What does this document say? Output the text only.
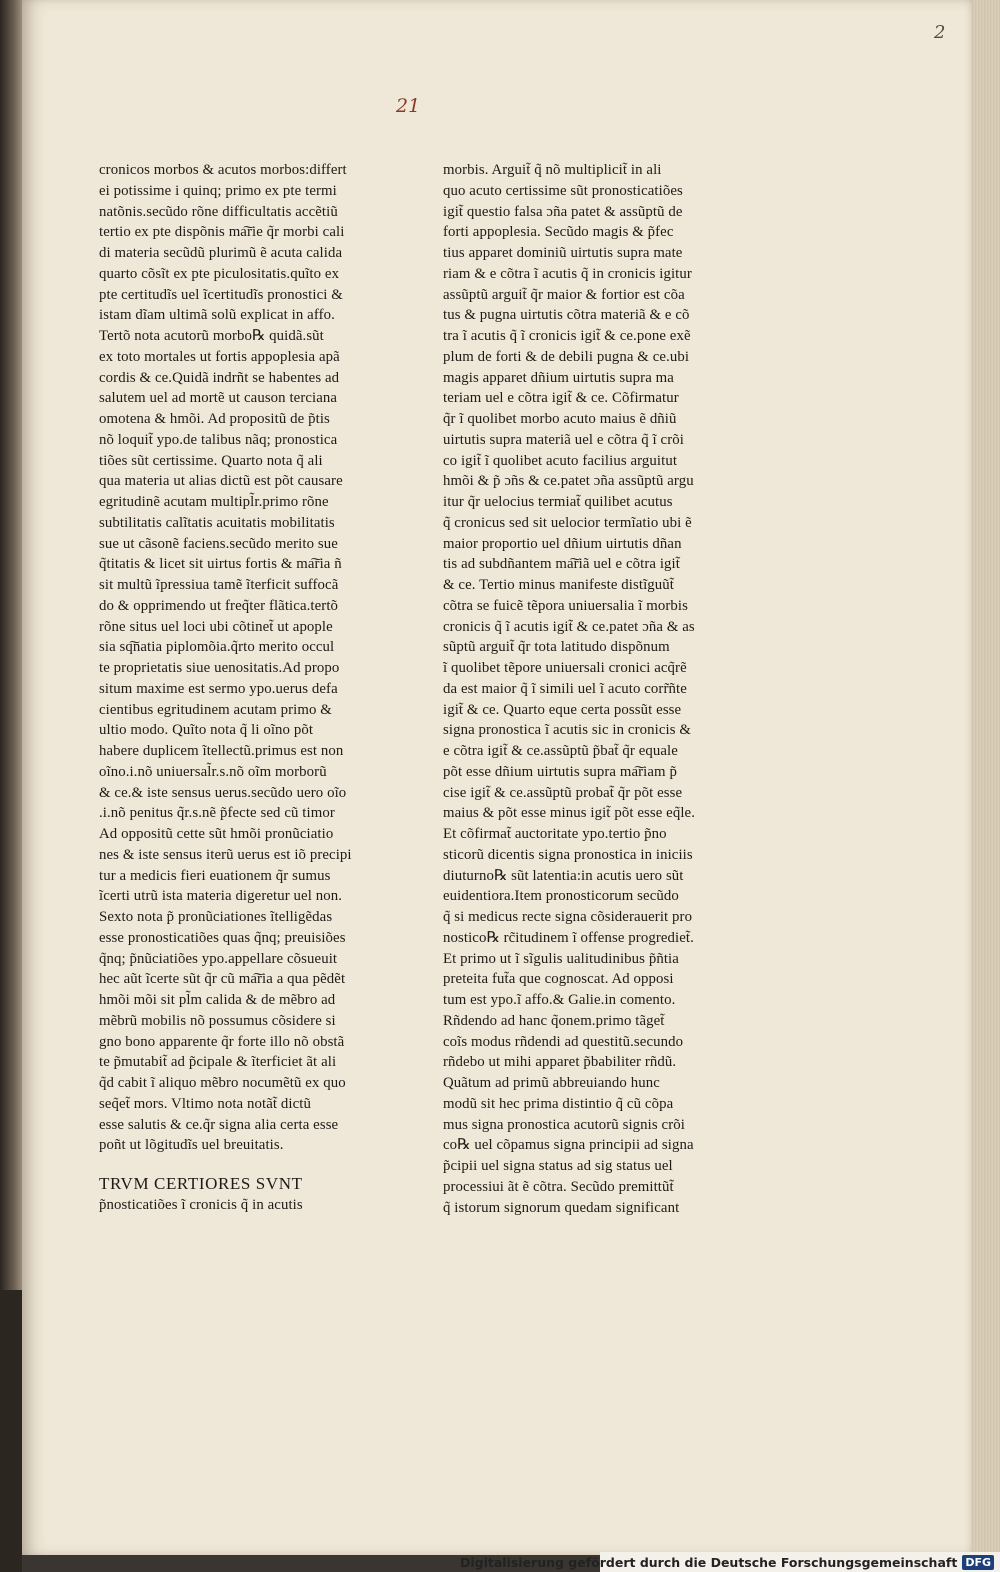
2
21
cronicos morbos & acutos morbos:differt
ei potissime i quinq; primo ex pte termi
natõnis.secũdo rõne difficultatis accẽtiũ
tertio ex pte dispõnis ma͠rie q̃r morbi cali
di materia secũdũ plurimũ ẽ acuta calida
quarto cõsĩt ex pte piculositatis.quĩto ex
pte certitudĩs uel ĩcertitudĩs pronostici &
istam dĩam ultimã solũ explicat in affo.
Tertõ nota acutorũ morbo℞ quidã.sũt
ex toto mortales ut fortis appoplesia apã
cordis & ce.Quidã indrñt se habentes ad
salutem uel ad mortẽ ut causon terciana
omotena & hmõi. Ad propositũ de p̃tis
nõ loquit̃ ypo.de talibus nãq; pronostica
tiões sũt certissime. Quarto nota q̃ ali
qua materia ut alias dictũ est põt causare
egritudinẽ acutam multipl̃r.primo rõne
subtilitatis calĩtatis acuitatis mobilitatis
sue ut cãsonẽ faciens.secũdo merito sue
q̃titatis & licet sit uirtus fortis & ma͠ria ñ
sit multũ ĩpressiua tamẽ ĩterficit suffocã
do & opprimendo ut freq̃ter flãtica.tertõ
rõne situs uel loci ubi cõtinet̃ ut apople
sia sq͠natia piplomõia.q̃rto merito occul
te proprietatis siue uenositatis.Ad propo
situm maxime est sermo ypo.uerus defa
cientibus egritudinem acutam primo &
ultio modo. Quĩto nota q̃ li oĩno põt
habere duplicem ĩtellectũ.primus est non
oĩno.i.nõ uniuersal̃r.s.nõ oĩm morborũ
& ce.& iste sensus uerus.secũdo uero oĩo
.i.nõ penitus q̃r.s.nẽ p̃fecte sed cũ timor
Ad oppositũ cette sũt hmõi pronũciatio
nes & iste sensus iterũ uerus est iõ precipi
tur a medicis fieri euationem q̃r sumus
ĩcerti utrũ ista materia digeretur uel non.
Sexto nota p̃ pronũciationes ĩtelligẽdas
esse pronosticatiões quas q̃nq; preuisiões
q̃nq; p̃nũciatiões ypo.appellare cõsueuit
hec aũt ĩcerte sũt q̃r cũ ma͠ria a qua pẽdẽt
hmõi mõi sit pl̃m calida & de mẽbro ad
mẽbrũ mobilis nõ possumus cõsidere si
gno bono apparente q̃r forte illo nõ obstã
te p̃mutabit̃ ad p̃cipale & ĩterficiet ãt ali
q̃d cabit ĩ aliquo mẽbro nocumẽtũ ex quo
seq̃et̃ mors. Vltimo nota notãt̃ dictũ
esse salutis & ce.q̃r signa alia certa esse
poñt ut lõgitudĩs uel breuitatis.
TRVM CERTIORES SVNT
p̃nosticatiões ĩ cronicis q̃ in acutis
morbis. Arguit̃ q̃ nõ multiplicit̃ in ali
quo acuto certissime sũt pronosticatiões
igit̃ questio falsa ɔña patet & assũptũ de
forti appoplesia. Secũdo magis & p̃fec
tius apparet dominiũ uirtutis supra mate
riam & e cõtra ĩ acutis q̃ in cronicis igitur
assũptũ arguit̃ q̃r maior & fortior est cõa
tus & pugna uirtutis cõtra materiã & e cõ
tra ĩ acutis q̃ ĩ cronicis igit̃ & ce.pone exẽ
plum de forti & de debili pugna & ce.ubi
magis apparet dñium uirtutis supra ma
teriam uel e cõtra igit̃ & ce. Cõfirmatur
q̃r ĩ quolibet morbo acuto maius ẽ dñiũ
uirtutis supra materiã uel e cõtra q̃ ĩ crõi
co igit̃ ĩ quolibet acuto facilius arguitut
hmõi & p̃ ɔñs & ce.patet ɔña assũptũ argu
itur q̃r uelocius termiat̃ quilibet acutus
q̃ cronicus sed sit uelocior termĩatio ubi ẽ
maior proportio uel dñium uirtutis dñan
tis ad subdñantem ma͠riã uel e cõtra igit̃
& ce. Tertio minus manifeste distĩguũt̃
cõtra se fuicẽ tẽpora uniuersalia ĩ morbis
cronicis q̃ ĩ acutis igit̃ & ce.patet ɔña & as
sũptũ arguit̃ q̃r tota latitudo dispõnum
ĩ quolibet tẽpore uniuersali cronici acq̃rẽ
da est maior q̃ ĩ simili uel ĩ acuto corr̃ñte
igit̃ & ce. Quarto eque certa possũt esse
signa pronostica ĩ acutis sic in cronicis &
e cõtra igit̃ & ce.assũptũ p̃bat̃ q̃r equale
põt esse dñium uirtutis supra ma͠riam p̃
cise igit̃ & ce.assũptũ probat̃ q̃r põt esse
maius & põt esse minus igit̃ põt esse eq̃le.
Et cõfirmat̃ auctoritate ypo.tertio p̃no
sticorũ dicentis signa pronostica in iniciis
diuturno℞ sũt latentia:in acutis uero sũt
euidentiora.Item pronosticorum secũdo
q̃ si medicus recte signa cõsiderauerit pro
nostico℞ rc̃itudinem ĩ offense progrediet̃.
Et primo ut ĩ sĩgulis ualitudinibus p̃ñtia
preteita fut̃a que cognoscat. Ad opposi
tum est ypo.ĩ affo.& Galie.in comento.
Rñdendo ad hanc q̃onem.primo tãget̃
coĩs modus rñdendi ad questitũ.secundo
rñdebo ut mihi apparet p̃babiliter rñdũ.
Quãtum ad primũ abbreuiando hunc
modũ sit hec prima distintio q̃ cũ cõpa
mus signa pronostica acutorũ signis crõi
co℞ uel cõpamus signa principii ad signa
p̃cipii uel signa status ad sig status uel
processiui ãt ẽ cõtra. Secũdo premittũt̃
q̃ istorum signorum quedam significant
Digitalisierung gefördert durch die Deutsche Forschungsgemeinschaft DFG
